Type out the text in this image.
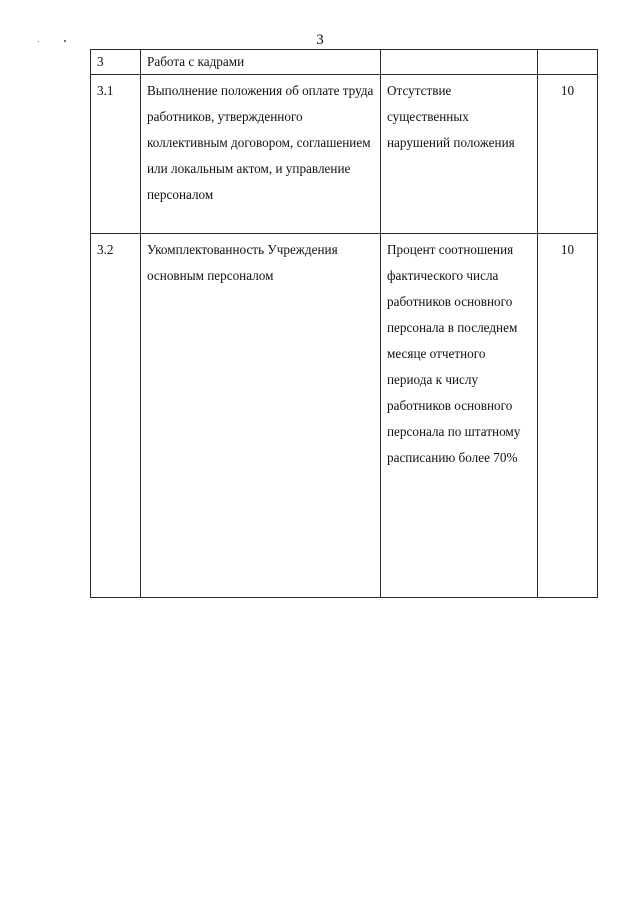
3
3	Работа с кадрами		
3.1	Выполнение положения об оплате труда работников, утвержденного коллективным договором, соглашением или локальным актом, и управление персоналом	Отсутствие существенных нарушений положения	10
3.2	Укомплектованность Учреждения основным персоналом	Процент соотношения фактического числа работников основного персонала в последнем месяце отчетного периода к числу работников основного персонала по штатному расписанию более 70%	10
